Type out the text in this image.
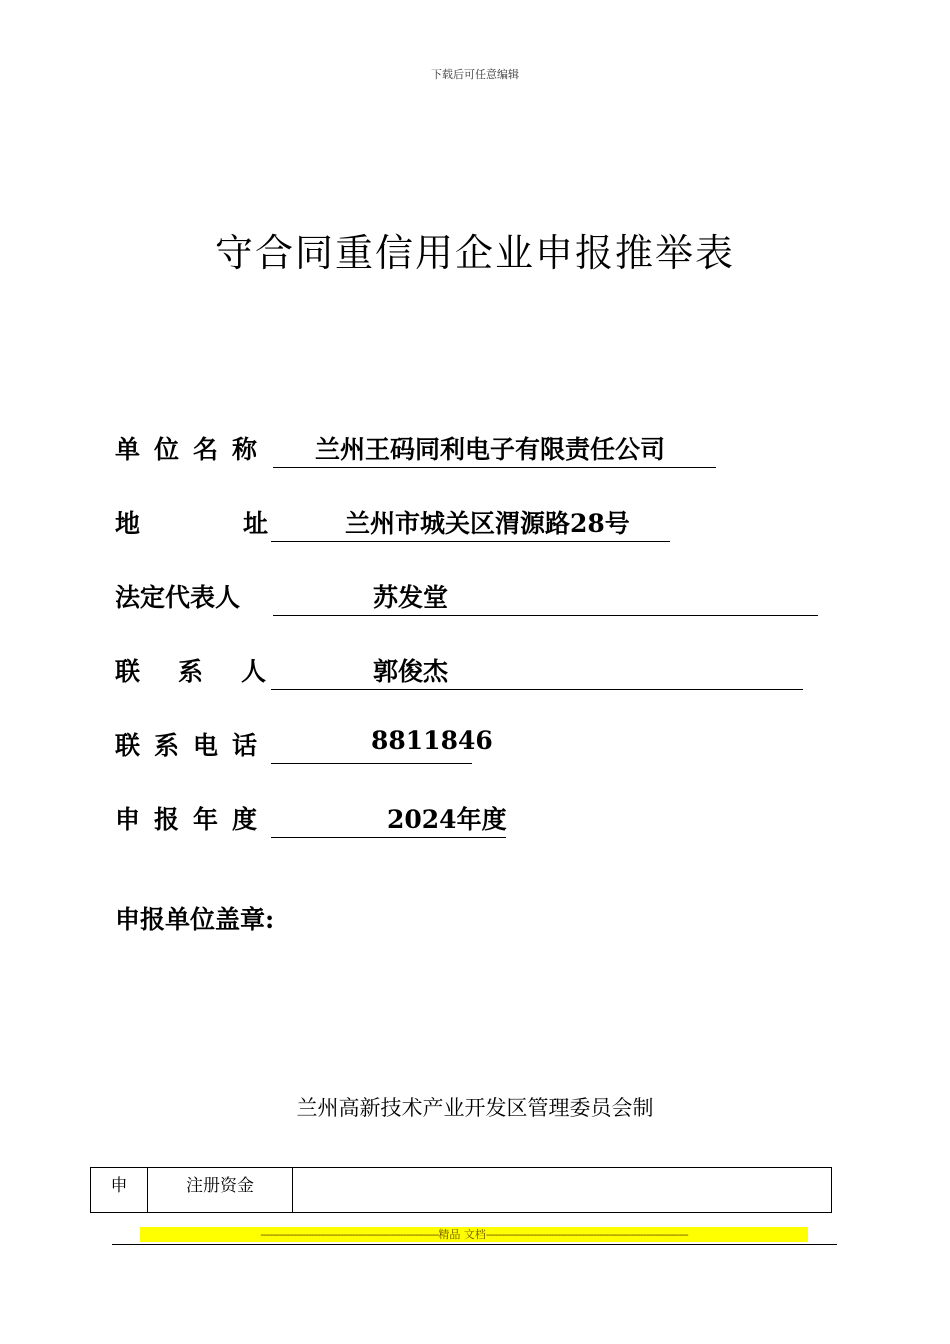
下载后可任意编辑
守合同重信用企业申报推举表
单位名称 兰州王码同利电子有限责任公司
地	址	兰州市城关区渭源路28号
法定代表人	苏发堂
联系人	郭俊杰
联系电话	8811846
申报年度	2024年度
申报单位盖章:
兰州高新技术产业开发区管理委员会制
申	注册资金	
------------------------------------------------------------精品 文档--------------------------------------------------------------------
